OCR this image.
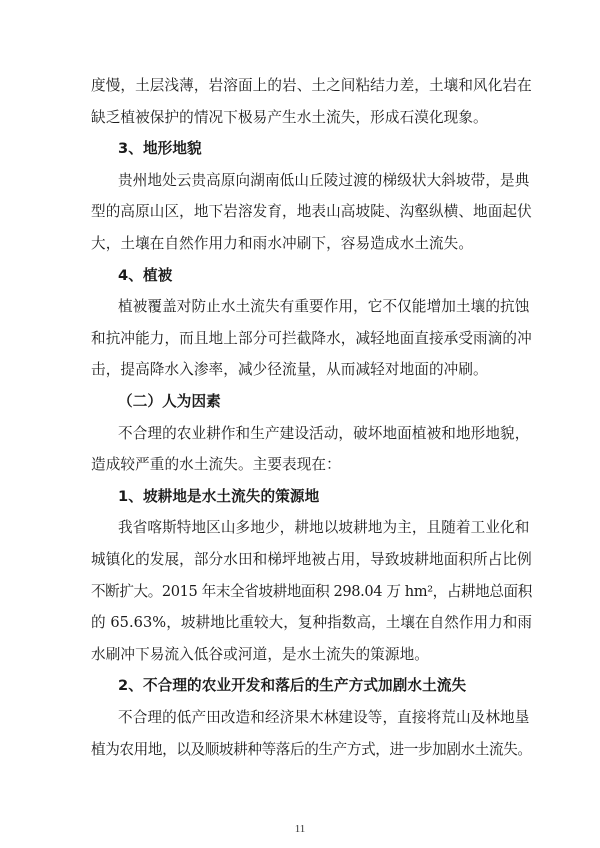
度慢，土层浅薄，岩溶面上的岩、土之间粘结力差，土壤和风化岩在
缺乏植被保护的情况下极易产生水土流失，形成石漠化现象。
3、地形地貌
贵州地处云贵高原向湖南低山丘陵过渡的梯级状大斜坡带，是典
型的高原山区，地下岩溶发育，地表山高坡陡、沟壑纵横、地面起伏
大，土壤在自然作用力和雨水冲刷下，容易造成水土流失。
4、植被
植被覆盖对防止水土流失有重要作用，它不仅能增加土壤的抗蚀
和抗冲能力，而且地上部分可拦截降水，减轻地面直接承受雨滴的冲
击，提高降水入渗率，减少径流量，从而减轻对地面的冲刷。
（二）人为因素
不合理的农业耕作和生产建设活动，破坏地面植被和地形地貌，
造成较严重的水土流失。主要表现在：
1、坡耕地是水土流失的策源地
我省喀斯特地区山多地少，耕地以坡耕地为主，且随着工业化和
城镇化的发展，部分水田和梯坪地被占用，导致坡耕地面积所占比例
不断扩大。2015 年末全省坡耕地面积 298.04 万 hm²，占耕地总面积
的 65.63%，坡耕地比重较大，复种指数高，土壤在自然作用力和雨
水刷冲下易流入低谷或河道，是水土流失的策源地。
2、不合理的农业开发和落后的生产方式加剧水土流失
不合理的低产田改造和经济果木林建设等，直接将荒山及林地垦
植为农用地，以及顺坡耕种等落后的生产方式，进一步加剧水土流失。
11
